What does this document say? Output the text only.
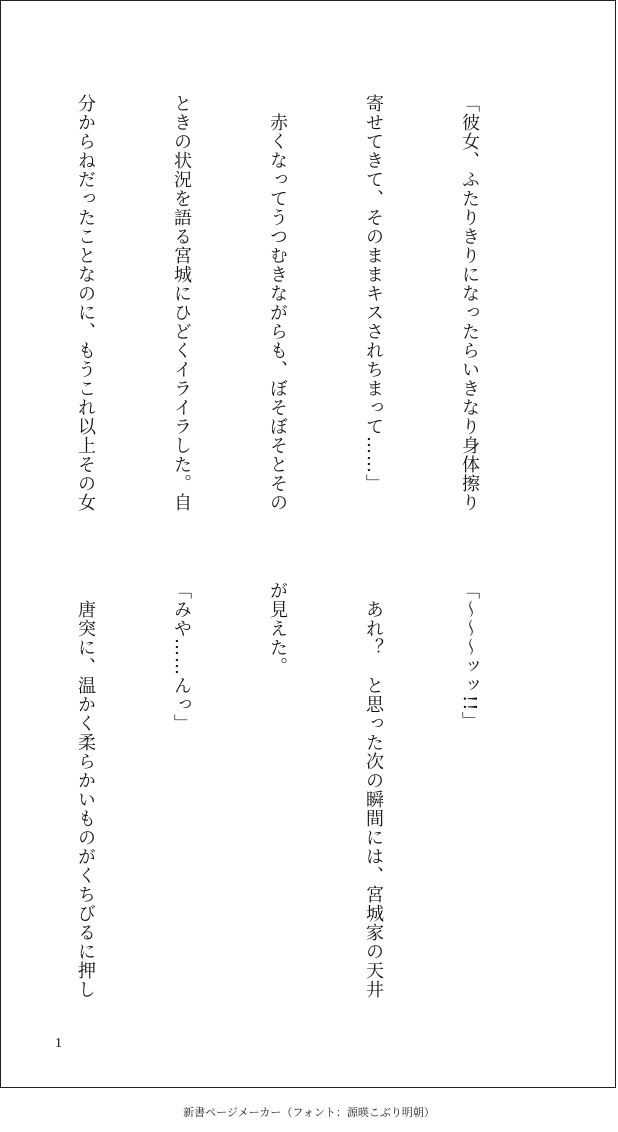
「彼女、ふたりきりになったらいきなり身体擦り

寄せてきて、そのままキスされちまって……」

　赤くなってうつむきながらも、ぼそぼそとその

ときの状況を語る宮城にひどくイライラした。自

分からねだったことなのに、もうこれ以上その女

「〜〜〜ッッ!!」

　あれ？　と思った次の瞬間には、宮城家の天井

が見えた。

「みや……んっ」

　唐突に、温かく柔らかいものがくちびるに押し

1
新書ページメーカー（フォント：源暎こぶり明朝）
